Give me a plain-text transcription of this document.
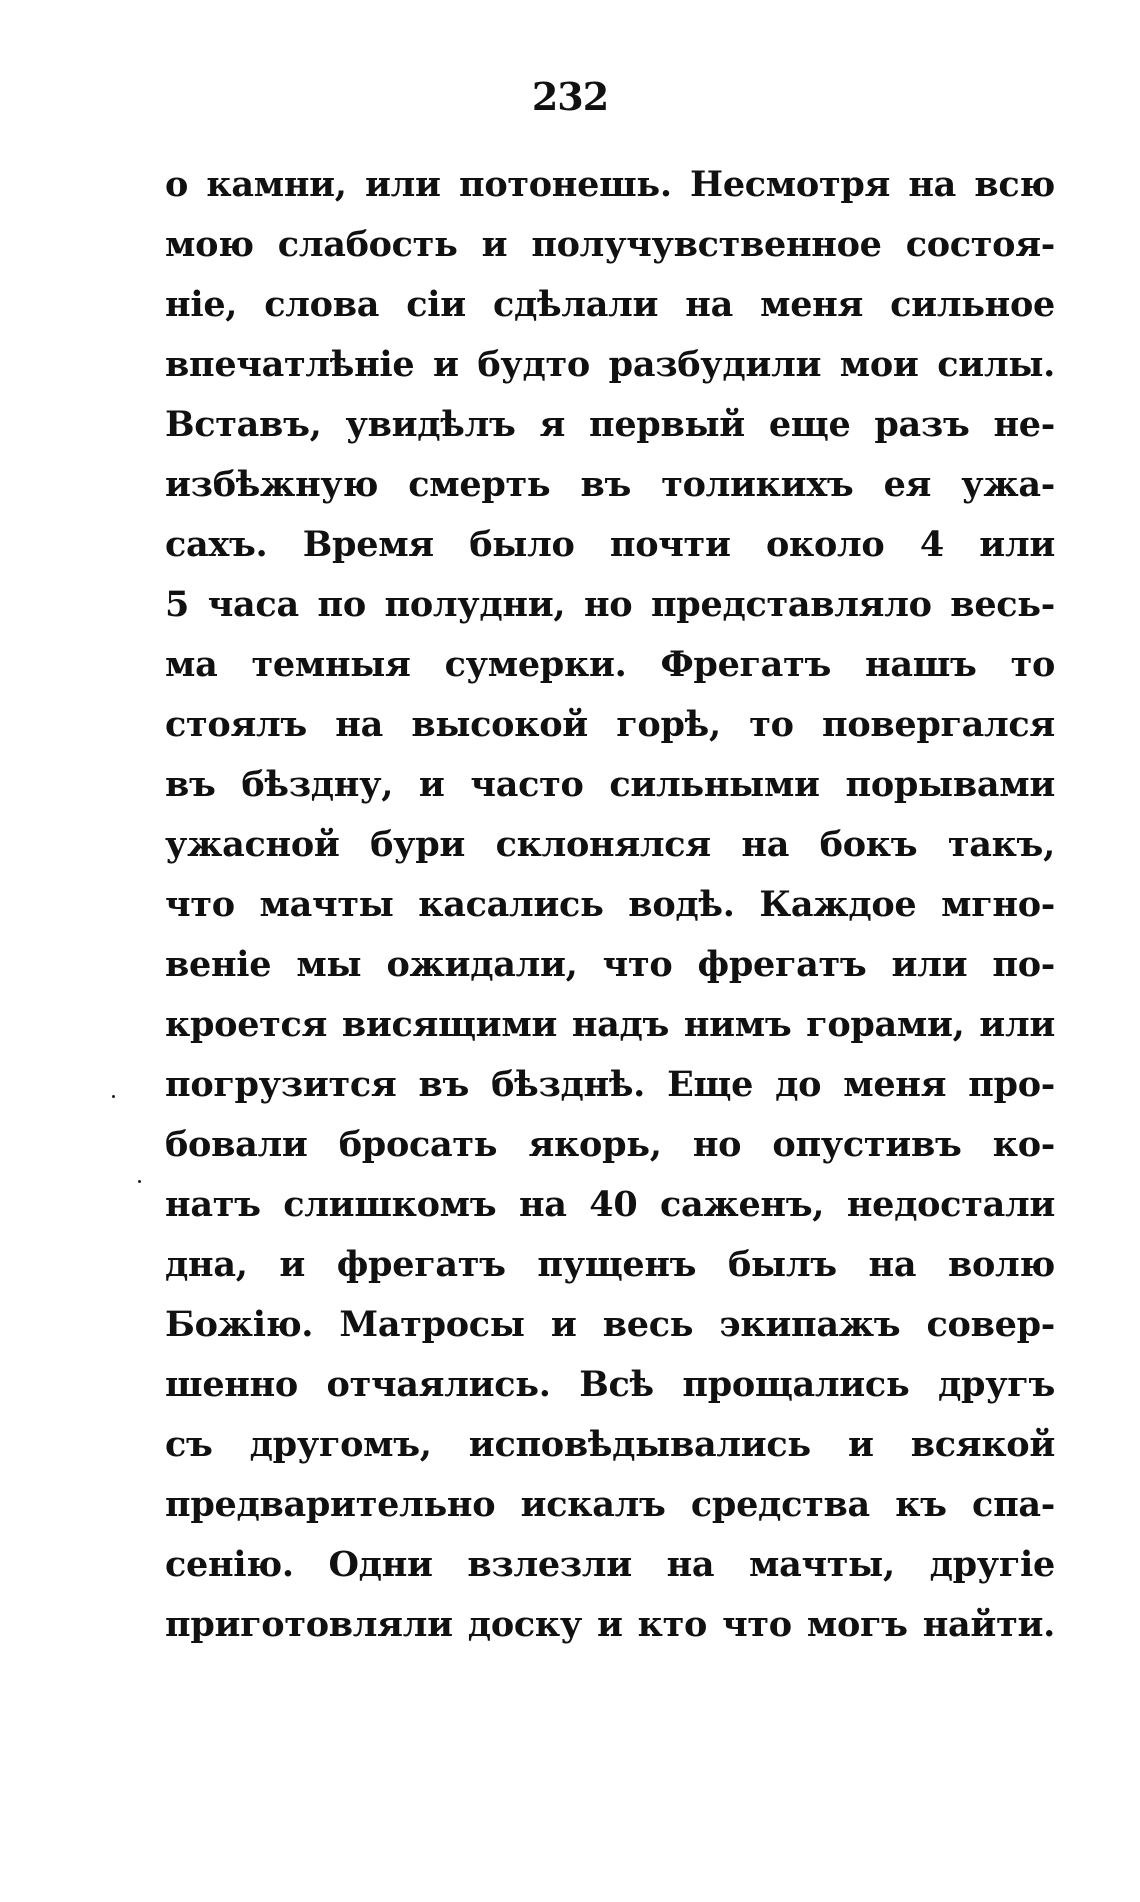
232
о камни, или потонешь. Несмотря на всю
мою слабость и получувственное состоя-
ніе, слова сіи сдѣлали на меня сильное
впечатлѣніе и будто разбудили мои силы.
Вставъ, увидѣлъ я первый еще разъ не-
избѣжную смерть въ толикихъ ея ужа-
сахъ. Время было почти около 4 или
5 часа по полудни, но представляло весь-
ма темныя сумерки. Фрегатъ нашъ то
стоялъ на высокой горѣ, то повергался
въ бѣздну, и часто сильными порывами
ужасной бури склонялся на бокъ такъ,
что мачты касались водѣ. Каждое мгно-
веніе мы ожидали, что фрегатъ или по-
кроется висящими надъ нимъ горами, или
погрузится въ бѣзднѣ. Еще до меня про-
бовали бросать якорь, но опустивъ ко-
натъ слишкомъ на 40 саженъ, недостали
дна, и фрегатъ пущенъ былъ на волю
Божію. Матросы и весь экипажъ совер-
шенно отчаялись. Всѣ прощались другъ
съ другомъ, исповѣдывались и всякой
предварительно искалъ средства къ спа-
сенію. Одни взлезли на мачты, другіе
приготовляли доску и кто что могъ найти.
